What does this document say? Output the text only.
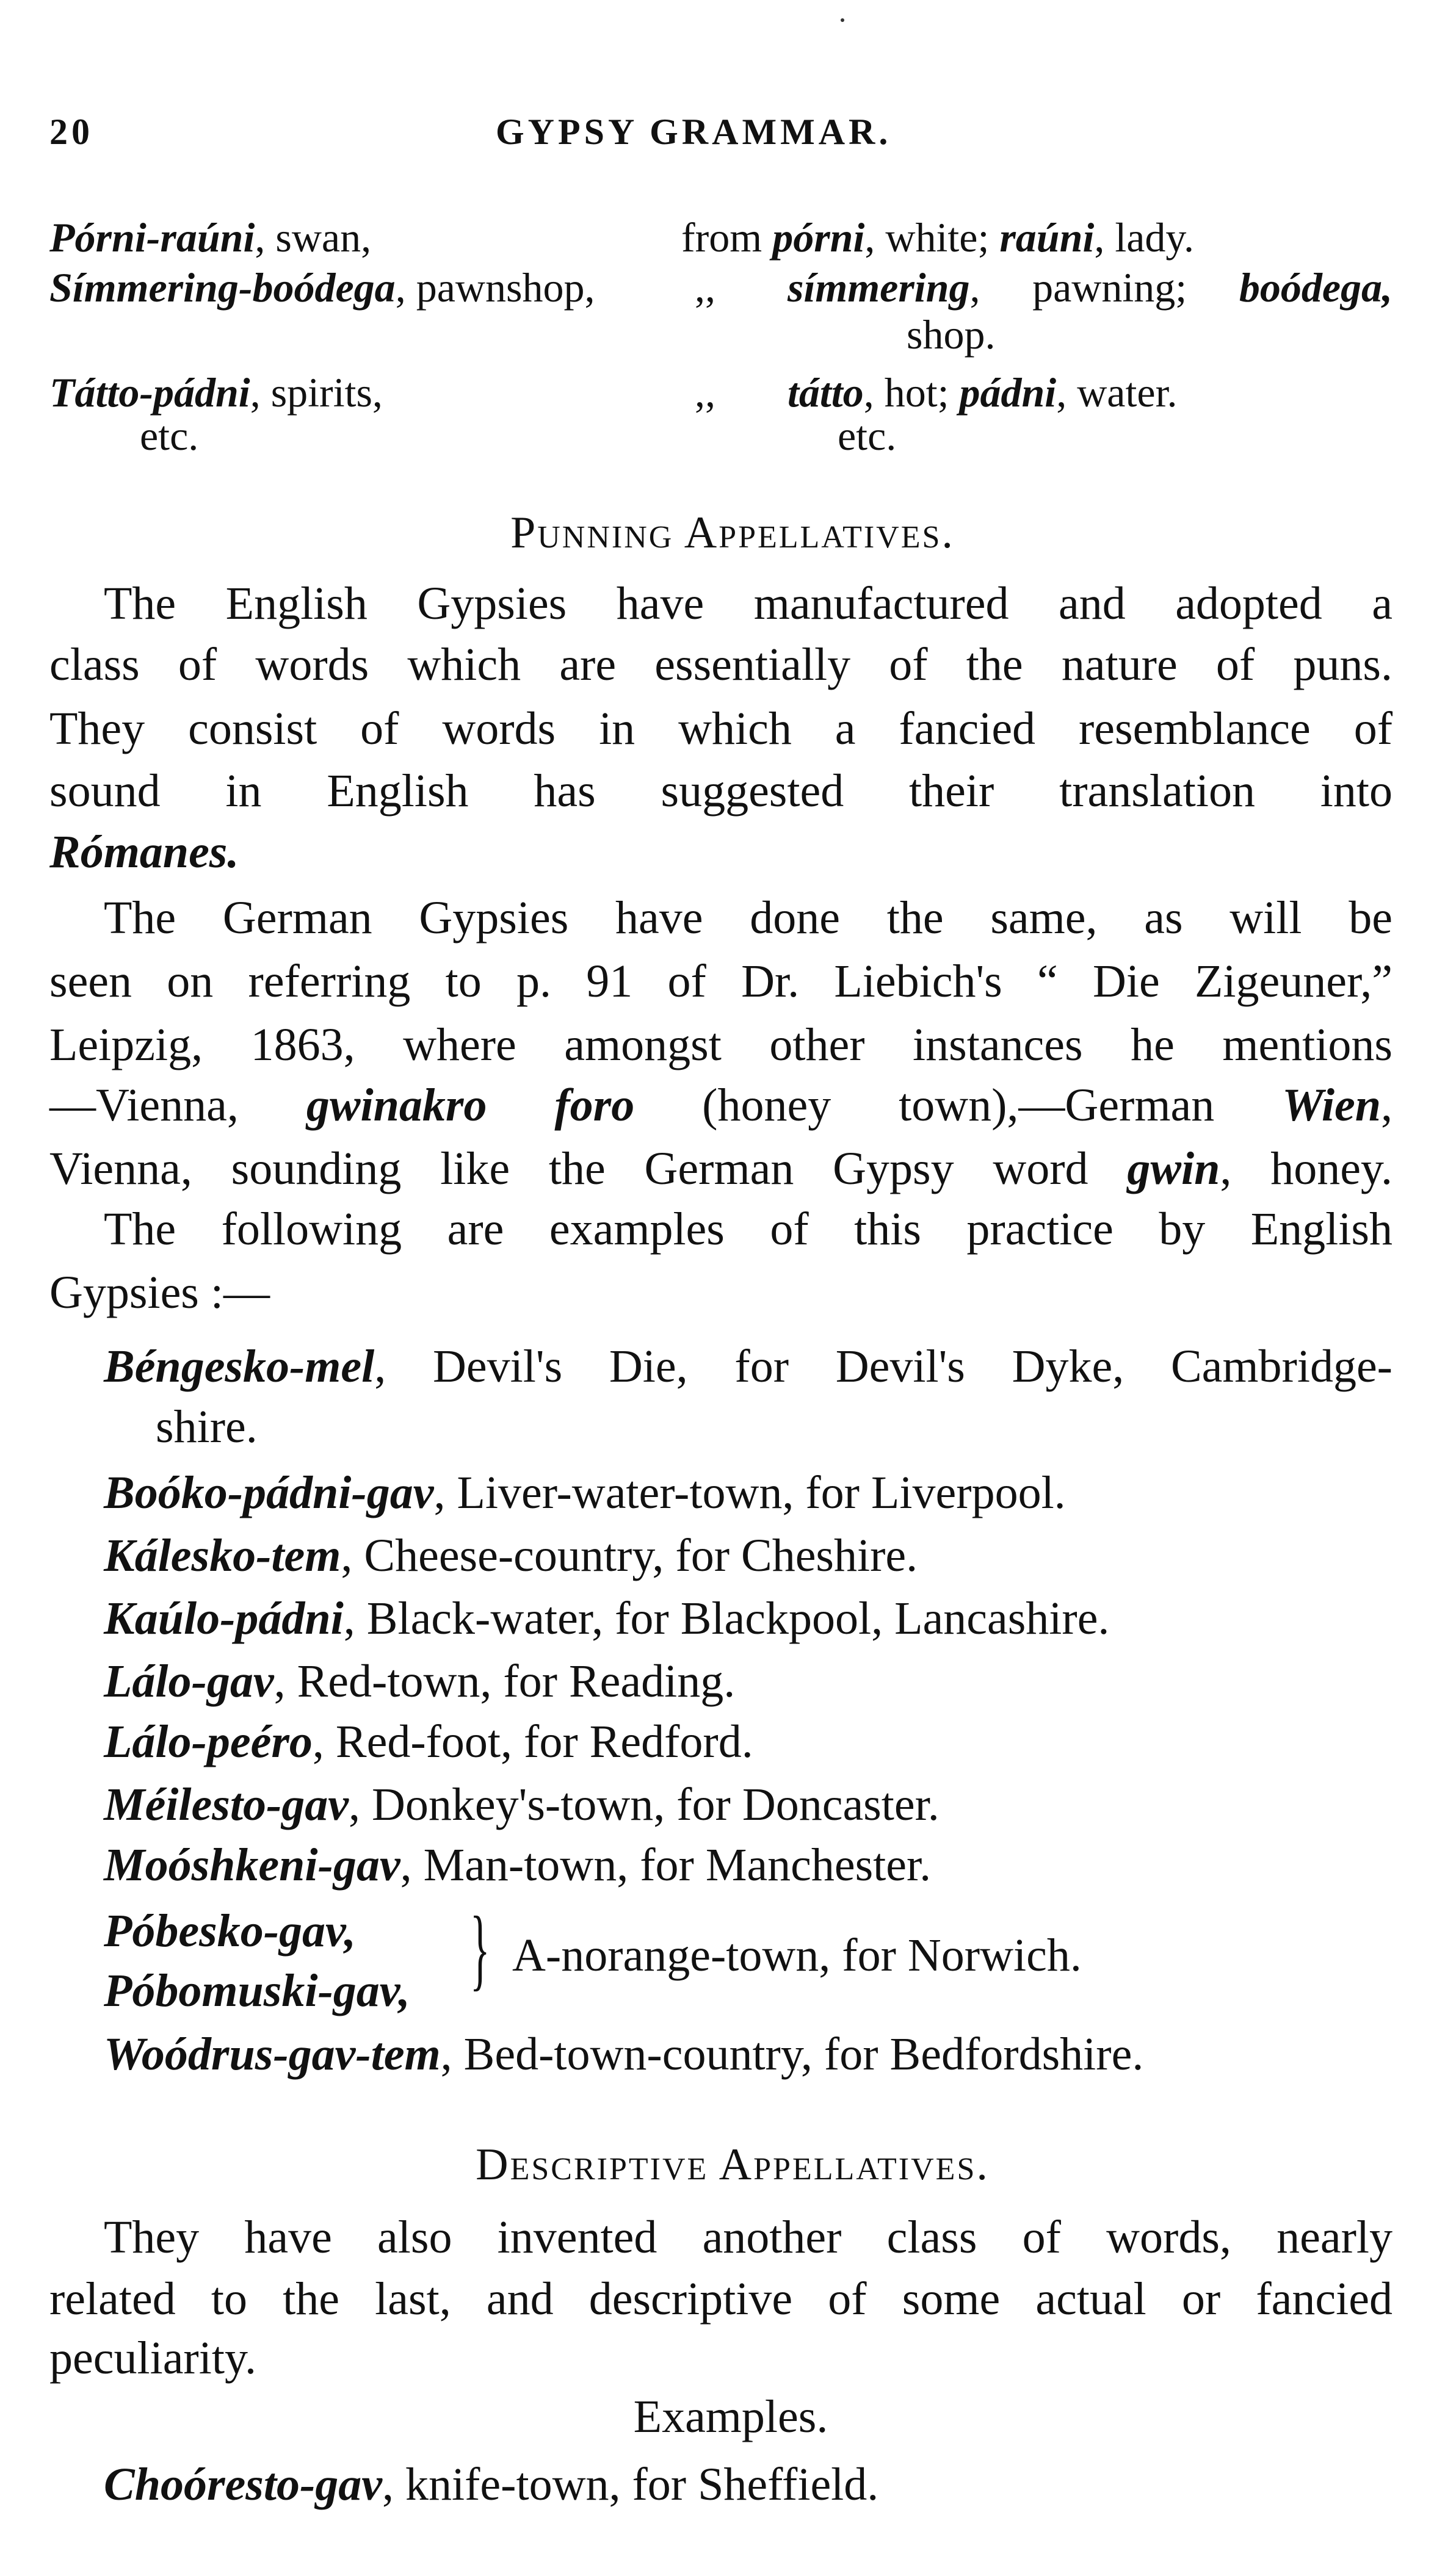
20	GYPSY GRAMMAR.
Pórni-raúni, swan,	from pórni, white; raúni, lady.
Símmering-boódega, pawnshop, ,, símmering, pawning; boódega,
shop.
Tátto-pádni, spirits,	,, tátto, hot; pádni, water.
etc.	etc.
Punning Appellatives.
The English Gypsies have manufactured and adopted a
class of words which are essentially of the nature of puns.
They consist of words in which a fancied resemblance of
sound in English has suggested their translation into
Rómanes.
The German Gypsies have done the same, as will be
seen on referring to p. 91 of Dr. Liebich's “ Die Zigeuner,”
Leipzig, 1863, where amongst other instances he mentions
—Vienna, gwinakro foro (honey town),—German Wien,
Vienna, sounding like the German Gypsy word gwin, honey.
The following are examples of this practice by English
Gypsies :—
Béngesko-mel, Devil's Die, for Devil's Dyke, Cambridge-
shire.
Boóko-pádni-gav, Liver-water-town, for Liverpool.
Kálesko-tem, Cheese-country, for Cheshire.
Kaúlo-pádni, Black-water, for Blackpool, Lancashire.
Lálo-gav, Red-town, for Reading.
Lálo-peéro, Red-foot, for Redford.
Méilesto-gav, Donkey's-town, for Doncaster.
Moóshkeni-gav, Man-town, for Manchester.
Póbesko-gav,
Póbomuski-gav, } A-norange-town, for Norwich.
Woódrus-gav-tem, Bed-town-country, for Bedfordshire.
Descriptive Appellatives.
They have also invented another class of words, nearly
related to the last, and descriptive of some actual or fancied
peculiarity.
Examples.
Choóresto-gav, knife-town, for Sheffield.
